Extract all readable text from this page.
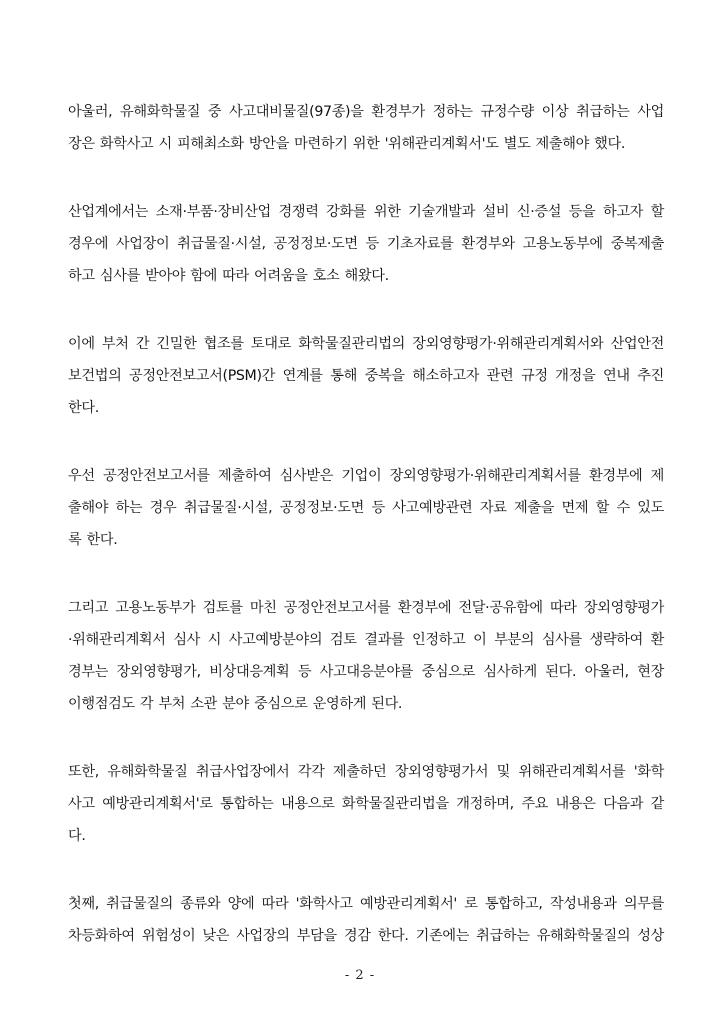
아울러, 유해화학물질 중 사고대비물질(97종)을 환경부가 정하는 규정수량 이상 취급하는 사업
장은 화학사고 시 피해최소화 방안을 마련하기 위한 '위해관리계획서'도 별도 제출해야 했다.

산업계에서는 소재·부품·장비산업 경쟁력 강화를 위한 기술개발과 설비 신·증설 등을 하고자 할
경우에 사업장이 취급물질·시설, 공정정보·도면 등 기초자료를 환경부와 고용노동부에 중복제출
하고 심사를 받아야 함에 따라 어려움을 호소 해왔다.

이에 부처 간 긴밀한 협조를 토대로 화학물질관리법의 장외영향평가·위해관리계획서와 산업안전
보건법의 공정안전보고서(PSM)간 연계를 통해 중복을 해소하고자 관련 규정 개정을 연내 추진
한다.

우선 공정안전보고서를 제출하여 심사받은 기업이 장외영향평가·위해관리계획서를 환경부에 제
출해야 하는 경우 취급물질·시설, 공정정보·도면 등 사고예방관련 자료 제출을 면제 할 수 있도
록 한다.

그리고 고용노동부가 검토를 마친 공정안전보고서를 환경부에 전달·공유함에 따라 장외영향평가
·위해관리계획서 심사 시 사고예방분야의 검토 결과를 인정하고 이 부분의 심사를 생략하여 환
경부는 장외영향평가, 비상대응계획 등 사고대응분야를 중심으로 심사하게 된다. 아울러, 현장
이행점검도 각 부처 소관 분야 중심으로 운영하게 된다.

또한, 유해화학물질 취급사업장에서 각각 제출하던 장외영향평가서 및 위해관리계획서를 '화학
사고 예방관리계획서'로 통합하는 내용으로 화학물질관리법을 개정하며, 주요 내용은 다음과 같
다.

첫째, 취급물질의 종류와 양에 따라 '화학사고 예방관리계획서' 로 통합하고, 작성내용과 의무를
차등화하여 위험성이 낮은 사업장의 부담을 경감 한다. 기존에는 취급하는 유해화학물질의 성상

- 2 -
